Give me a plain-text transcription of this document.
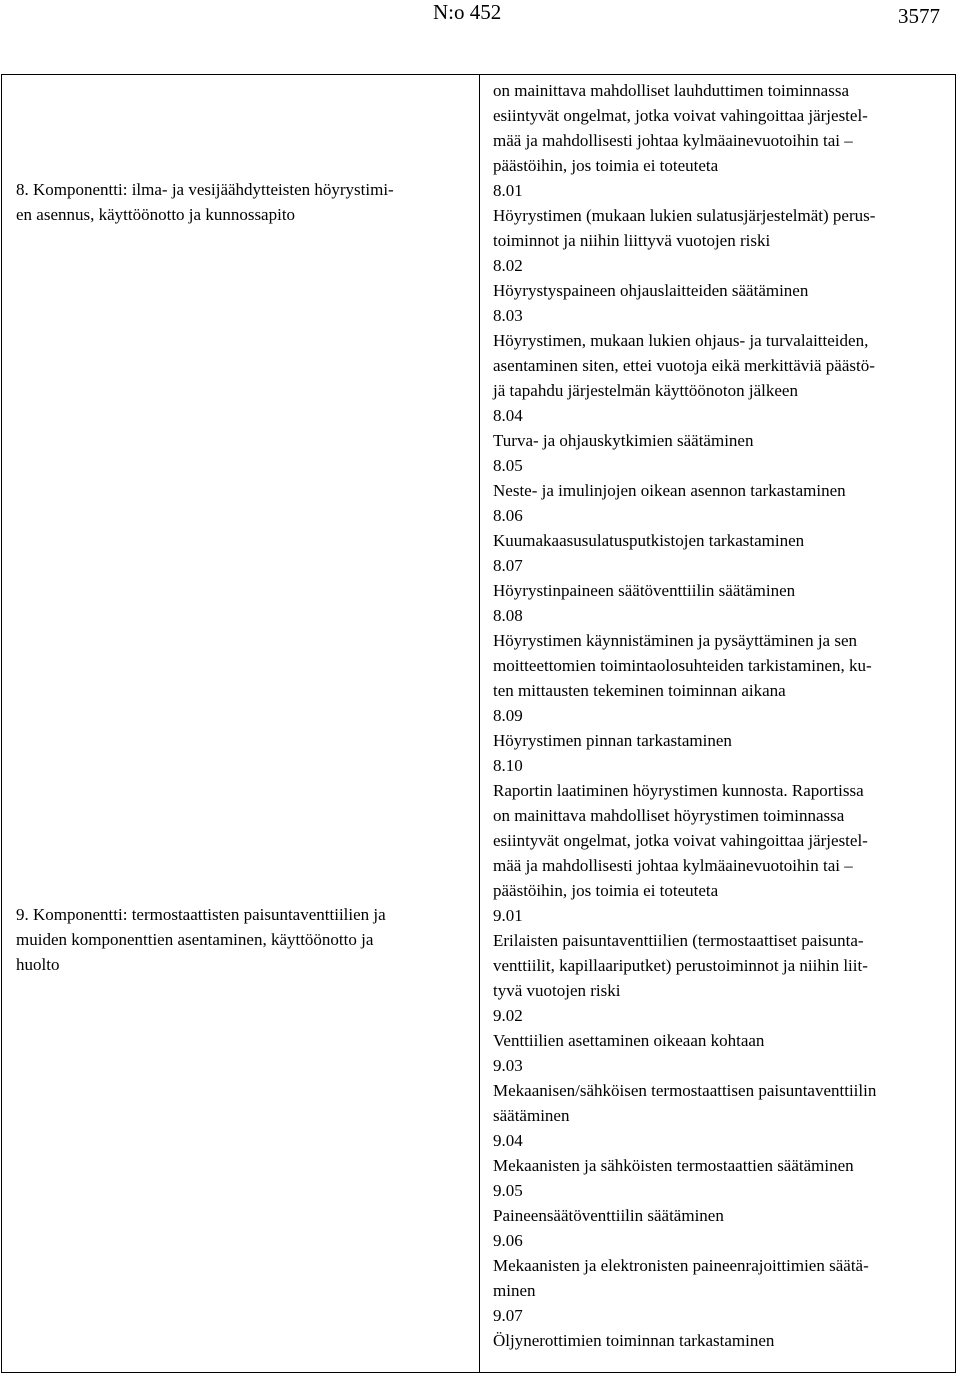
N:o 452	3577
8. Komponentti: ilma- ja vesijäähdytteisten höyrystimi-
en asennus, käyttöönotto ja kunnossapito
9. Komponentti: termostaattisten paisuntaventtiilien ja
muiden komponenttien asentaminen, käyttöönotto ja
huolto
on mainittava mahdolliset lauhduttimen toiminnassa
esiintyvät ongelmat, jotka voivat vahingoittaa järjestel-
mää ja mahdollisesti johtaa kylmäainevuotoihin tai –
päästöihin, jos toimia ei toteuteta
8.01
Höyrystimen (mukaan lukien sulatusjärjestelmät) perus-
toiminnot ja niihin liittyvä vuotojen riski
8.02
Höyrystyspaineen ohjauslaitteiden säätäminen
8.03
Höyrystimen, mukaan lukien ohjaus- ja turvalaitteiden,
asentaminen siten, ettei vuotoja eikä merkittäviä päästö-
jä tapahdu järjestelmän käyttöönoton jälkeen
8.04
Turva- ja ohjauskytkimien säätäminen
8.05
Neste- ja imulinjojen oikean asennon tarkastaminen
8.06
Kuumakaasusulatusputkistojen tarkastaminen
8.07
Höyrystinpaineen säätöventtiilin säätäminen
8.08
Höyrystimen käynnistäminen ja pysäyttäminen ja sen
moitteettomien toimintaolosuhteiden tarkistaminen, ku-
ten mittausten tekeminen toiminnan aikana
8.09
Höyrystimen pinnan tarkastaminen
8.10
Raportin laatiminen höyrystimen kunnosta. Raportissa
on mainittava mahdolliset höyrystimen toiminnassa
esiintyvät ongelmat, jotka voivat vahingoittaa järjestel-
mää ja mahdollisesti johtaa kylmäainevuotoihin tai –
päästöihin, jos toimia ei toteuteta
9.01
Erilaisten paisuntaventtiilien (termostaattiset paisunta-
venttiilit, kapillaariputket) perustoiminnot ja niihin liit-
tyvä vuotojen riski
9.02
Venttiilien asettaminen oikeaan kohtaan
9.03
Mekaanisen/sähköisen termostaattisen paisuntaventtiilin
säätäminen
9.04
Mekaanisten ja sähköisten termostaattien säätäminen
9.05
Paineensäätöventtiilin säätäminen
9.06
Mekaanisten ja elektronisten paineenrajoittimien säätä-
minen
9.07
Öljynerottimien toiminnan tarkastaminen
